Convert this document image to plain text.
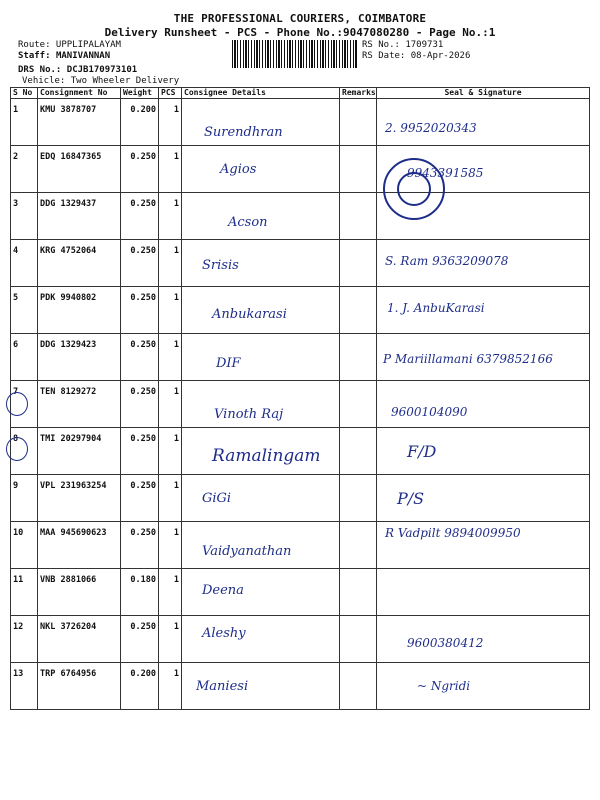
THE PROFESSIONAL COURIERS, COIMBATORE
Delivery Runsheet - PCS - Phone No.:9047080280 - Page No.:1
Route: UPPLIPALAYAM
Staff: MANIVANNAN
DRS No.: DCJB170973101
Vehicle: Two Wheeler Delivery
RS No.: 1709731
RS Date: 08-Apr-2026
S No	Consignment No	Weight	PCS	Consignee Details	Remarks	Seal & Signature
1	KMU 3878707	0.200	1	Surendhran		2. 9952020343

2	EDQ 16847365	0.250	1	Agios		9943391585

3	DDG 1329437	0.250	1	Acson		

4	KRG 4752064	0.250	1	Srisis		S. Ram 9363209078

5	PDK 9940802	0.250	1	Anbukarasi		1. J. AnbuKarasi

6	DDG 1329423	0.250	1	DIF		P Mariillamani 6379852166

7	TEN 8129272	0.250	1	Vinoth Raj		9600104090

8	TMI 20297904	0.250	1	Ramalingam		F/D

9	VPL 231963254	0.250	1	GiGi		P/S

10	MAA 945690623	0.250	1	Vaidyanathan		R Vadpilt 9894009950

11	VNB 2881066	0.180	1	Deena		

12	NKL 3726204	0.250	1	Aleshy		9600380412

13	TRP 6764956	0.200	1	Maniesi		~ Ngridi
